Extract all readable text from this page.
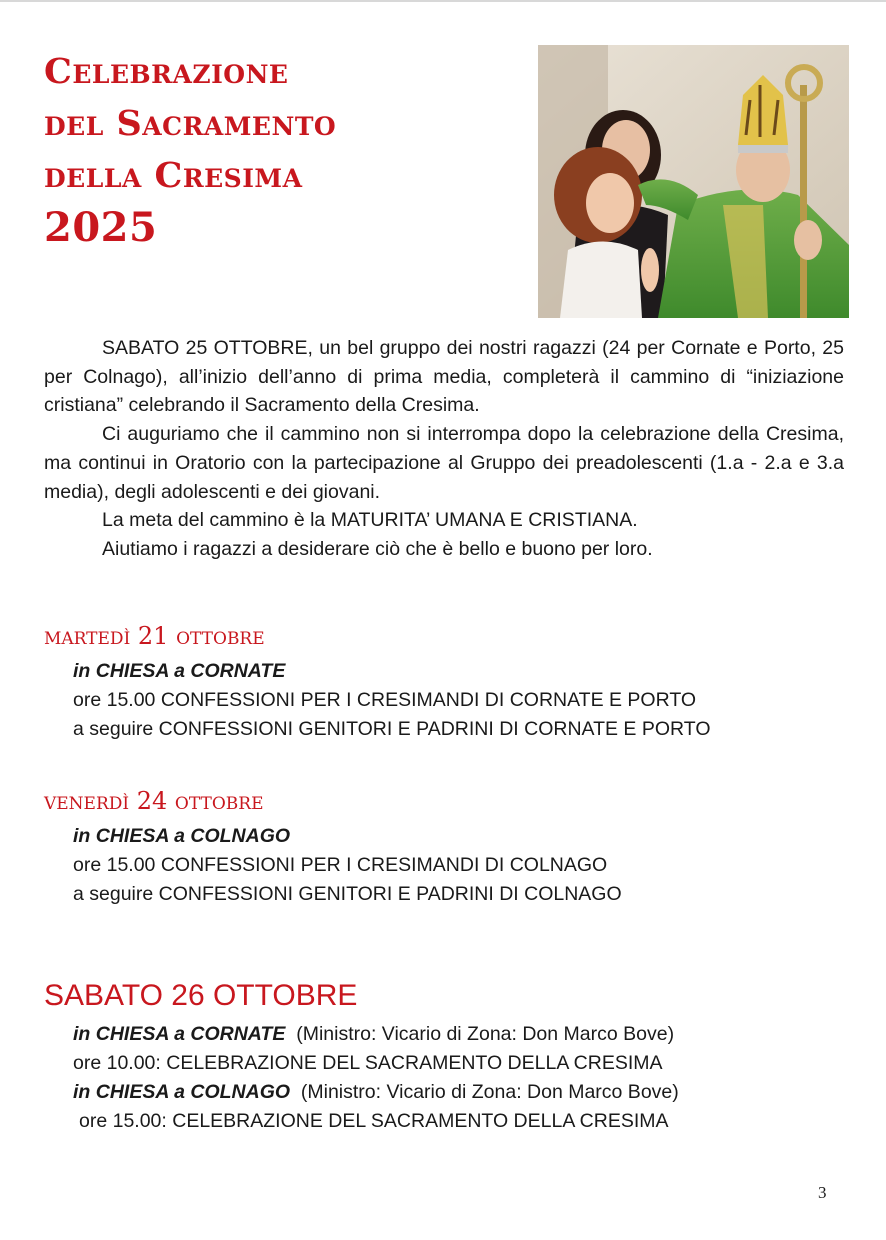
Celebrazione
del Sacramento
della Cresima
2025

SABATO 25 OTTOBRE, un bel gruppo dei nostri ragazzi (24 per Cornate e Porto, 25 per Colnago), all’inizio dell’anno di prima media, completerà il cammino di “iniziazione cristiana” celebrando il Sacramento della Cresima.

Ci auguriamo che il cammino non si interrompa dopo la celebrazione della Cresima, ma continui in Oratorio con la partecipazione al Gruppo dei preadolescenti (1.a - 2.a e 3.a media), degli adolescenti e dei giovani.

La meta del cammino è la MATURITA’ UMANA E CRISTIANA.

Aiutiamo i ragazzi a desiderare ciò che è bello e buono per loro.

martedì 21 ottobre
in CHIESA a CORNATE
ore 15.00 CONFESSIONI PER I CRESIMANDI DI CORNATE E PORTO
a seguire CONFESSIONI GENITORI E PADRINI DI CORNATE E PORTO
venerdì 24 ottobre
in CHIESA a COLNAGO
ore 15.00 CONFESSIONI PER I CRESIMANDI DI COLNAGO
a seguire CONFESSIONI GENITORI E PADRINI DI COLNAGO
SABATO 26 OTTOBRE
in CHIESA a CORNATE (Ministro: Vicario di Zona: Don Marco Bove)
ore 10.00: CELEBRAZIONE DEL SACRAMENTO DELLA CRESIMA
in CHIESA a COLNAGO (Ministro: Vicario di Zona: Don Marco Bove)
ore 15.00: CELEBRAZIONE DEL SACRAMENTO DELLA CRESIMA
3
